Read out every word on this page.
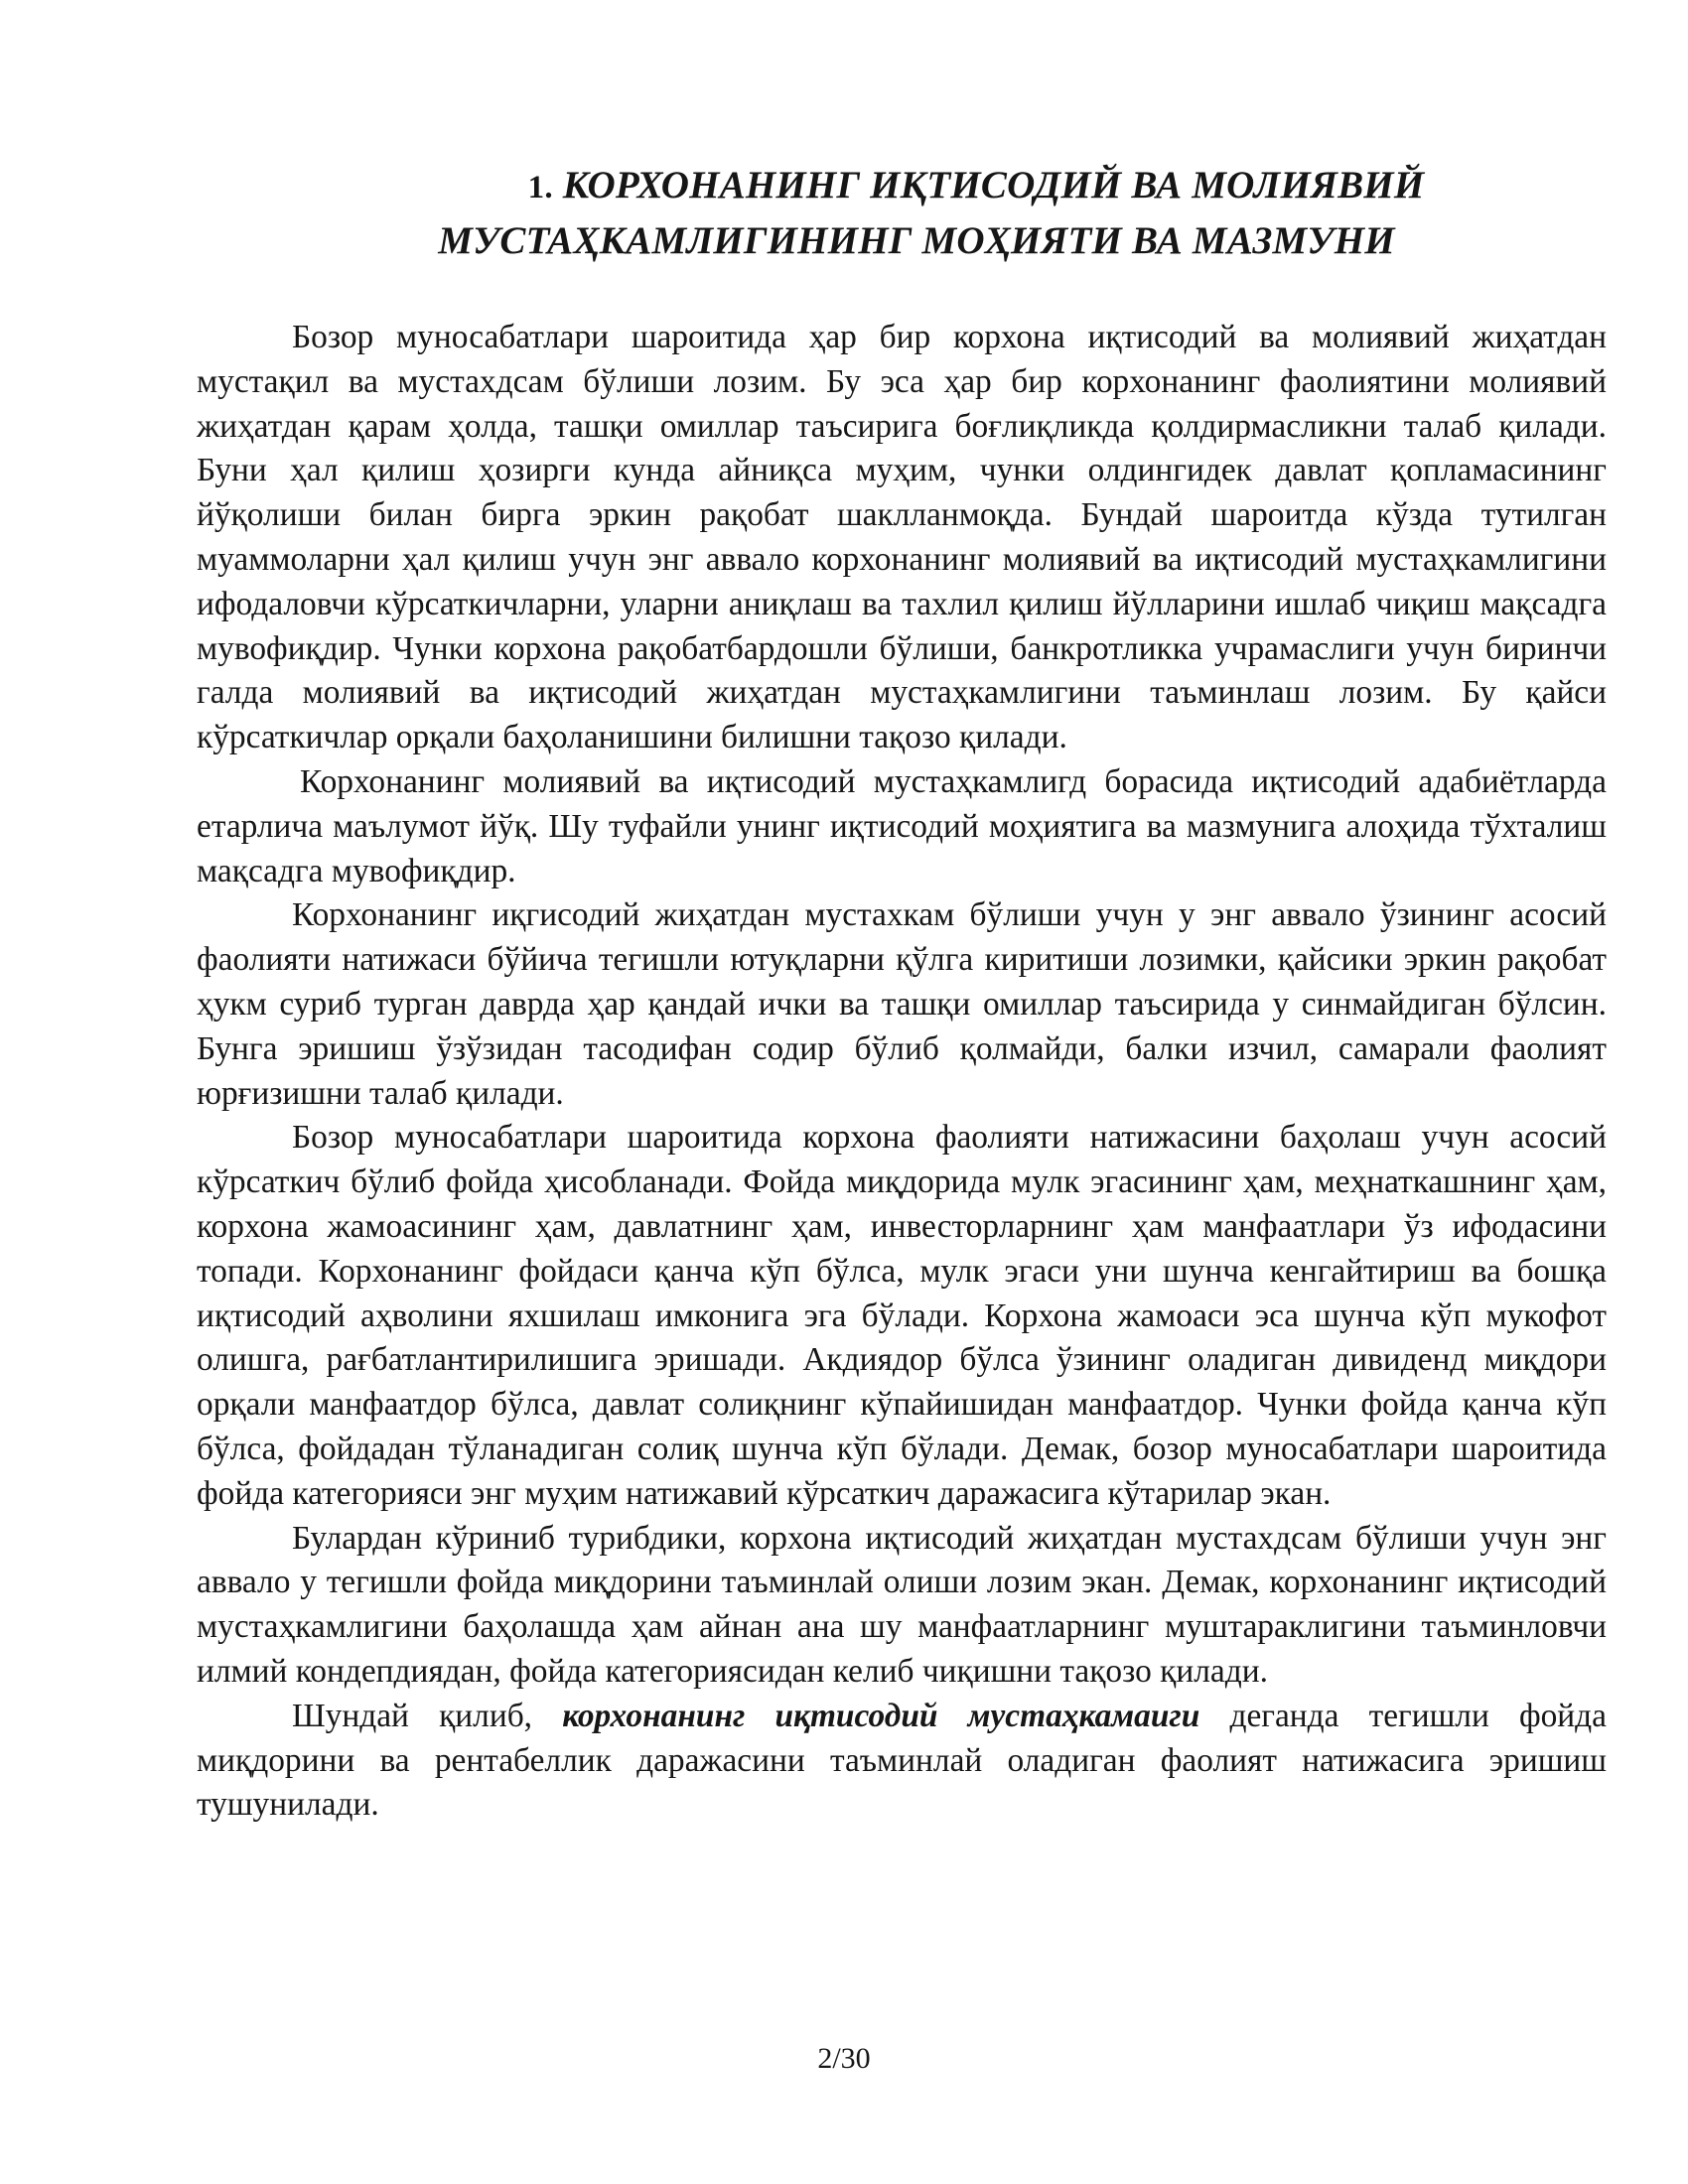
1. КОРХОНАНИНГ ИҚТИСОДИЙ ВА МОЛИЯВИЙ
МУСТАҲКАМЛИГИНИНГ МОҲИЯТИ ВА МАЗМУНИ

Бозор муносабатлари шароитида ҳар бир корхона иқтисодий ва молиявий жиҳатдан мустақил ва мустахдсам бўлиши лозим. Бу эса ҳар бир корхонанинг фаолиятини молиявий жиҳатдан қарам ҳолда, ташқи омиллар таъсирига боғлиқликда қолдирмасликни талаб қилади. Буни ҳал қилиш ҳозирги кунда айниқса муҳим, чунки олдингидек давлат қопламасининг йўқолиши билан бирга эркин рақобат шаклланмоқда. Бундай шароитда кўзда тутилган муаммоларни ҳал қилиш учун энг аввало корхонанинг молиявий ва иқтисодий мустаҳкамлигини ифодаловчи кўрсаткичларни, уларни аниқлаш ва тахлил қилиш йўлларини ишлаб чиқиш мақсадга мувофиқдир. Чунки корхона рақобатбардошли бўлиши, банкротликка учрамаслиги учун биринчи галда молиявий ва иқтисодий жиҳатдан мустаҳкамлигини таъминлаш лозим. Бу қайси кўрсаткичлар орқали баҳоланишини билишни тақозо қилади.

Корхонанинг молиявий ва иқтисодий мустаҳкамлигд борасида иқтисодий адабиётларда етарлича маълумот йўқ. Шу туфайли унинг иқтисодий моҳиятига ва мазмунига алоҳида тўхталиш мақсадга мувофиқдир.

Корхонанинг иқгисодий жиҳатдан мустахкам бўлиши учун у энг аввало ўзининг асосий фаолияти натижаси бўйича тегишли ютуқларни қўлга киритиши лозимки, қайсики эркин рақобат ҳукм суриб турган даврда ҳар қандай ички ва ташқи омиллар таъсирида у синмайдиган бўлсин. Бунга эришиш ўзўзидан тасодифан содир бўлиб қолмайди, балки изчил, самарали фаолият юрғизишни талаб қилади.

Бозор муносабатлари шароитида корхона фаолияти натижасини баҳолаш учун асосий кўрсаткич бўлиб фойда ҳисобланади. Фойда миқдорида мулк эгасининг ҳам, меҳнаткашнинг ҳам, корхона жамоасининг ҳам, давлатнинг ҳам, инвесторларнинг ҳам манфаатлари ўз ифодасини топади. Корхонанинг фойдаси қанча кўп бўлса, мулк эгаси уни шунча кенгайтириш ва бошқа иқтисодий аҳволини яхшилаш имконига эга бўлади. Корхона жамоаси эса шунча кўп мукофот олишга, рағбатлантирилишига эришади. Акдиядор бўлса ўзининг оладиган дивиденд миқдори орқали манфаатдор бўлса, давлат солиқнинг кўпайишидан манфаатдор. Чунки фойда қанча кўп бўлса, фойдадан тўланадиган солиқ шунча кўп бўлади. Демак, бозор муносабатлари шароитида фойда категорияси энг муҳим натижавий кўрсаткич даражасига кўтарилар экан.

Булардан кўриниб турибдики, корхона иқтисодий жиҳатдан мустахдсам бўлиши учун энг аввало у тегишли фойда миқдорини таъминлай олиши лозим экан. Демак, корхонанинг иқтисодий мустаҳкамлигини баҳолашда ҳам айнан ана шу манфаатларнинг муштараклигини таъминловчи илмий кондепдиядан, фойда категориясидан келиб чиқишни тақозо қилади.

Шундай қилиб, корхонанинг иқтисодий мустаҳкамаиги деганда тегишли фойда миқдорини ва рентабеллик даражасини таъминлай оладиган фаолият натижасига эришиш тушунилади.

2/30
